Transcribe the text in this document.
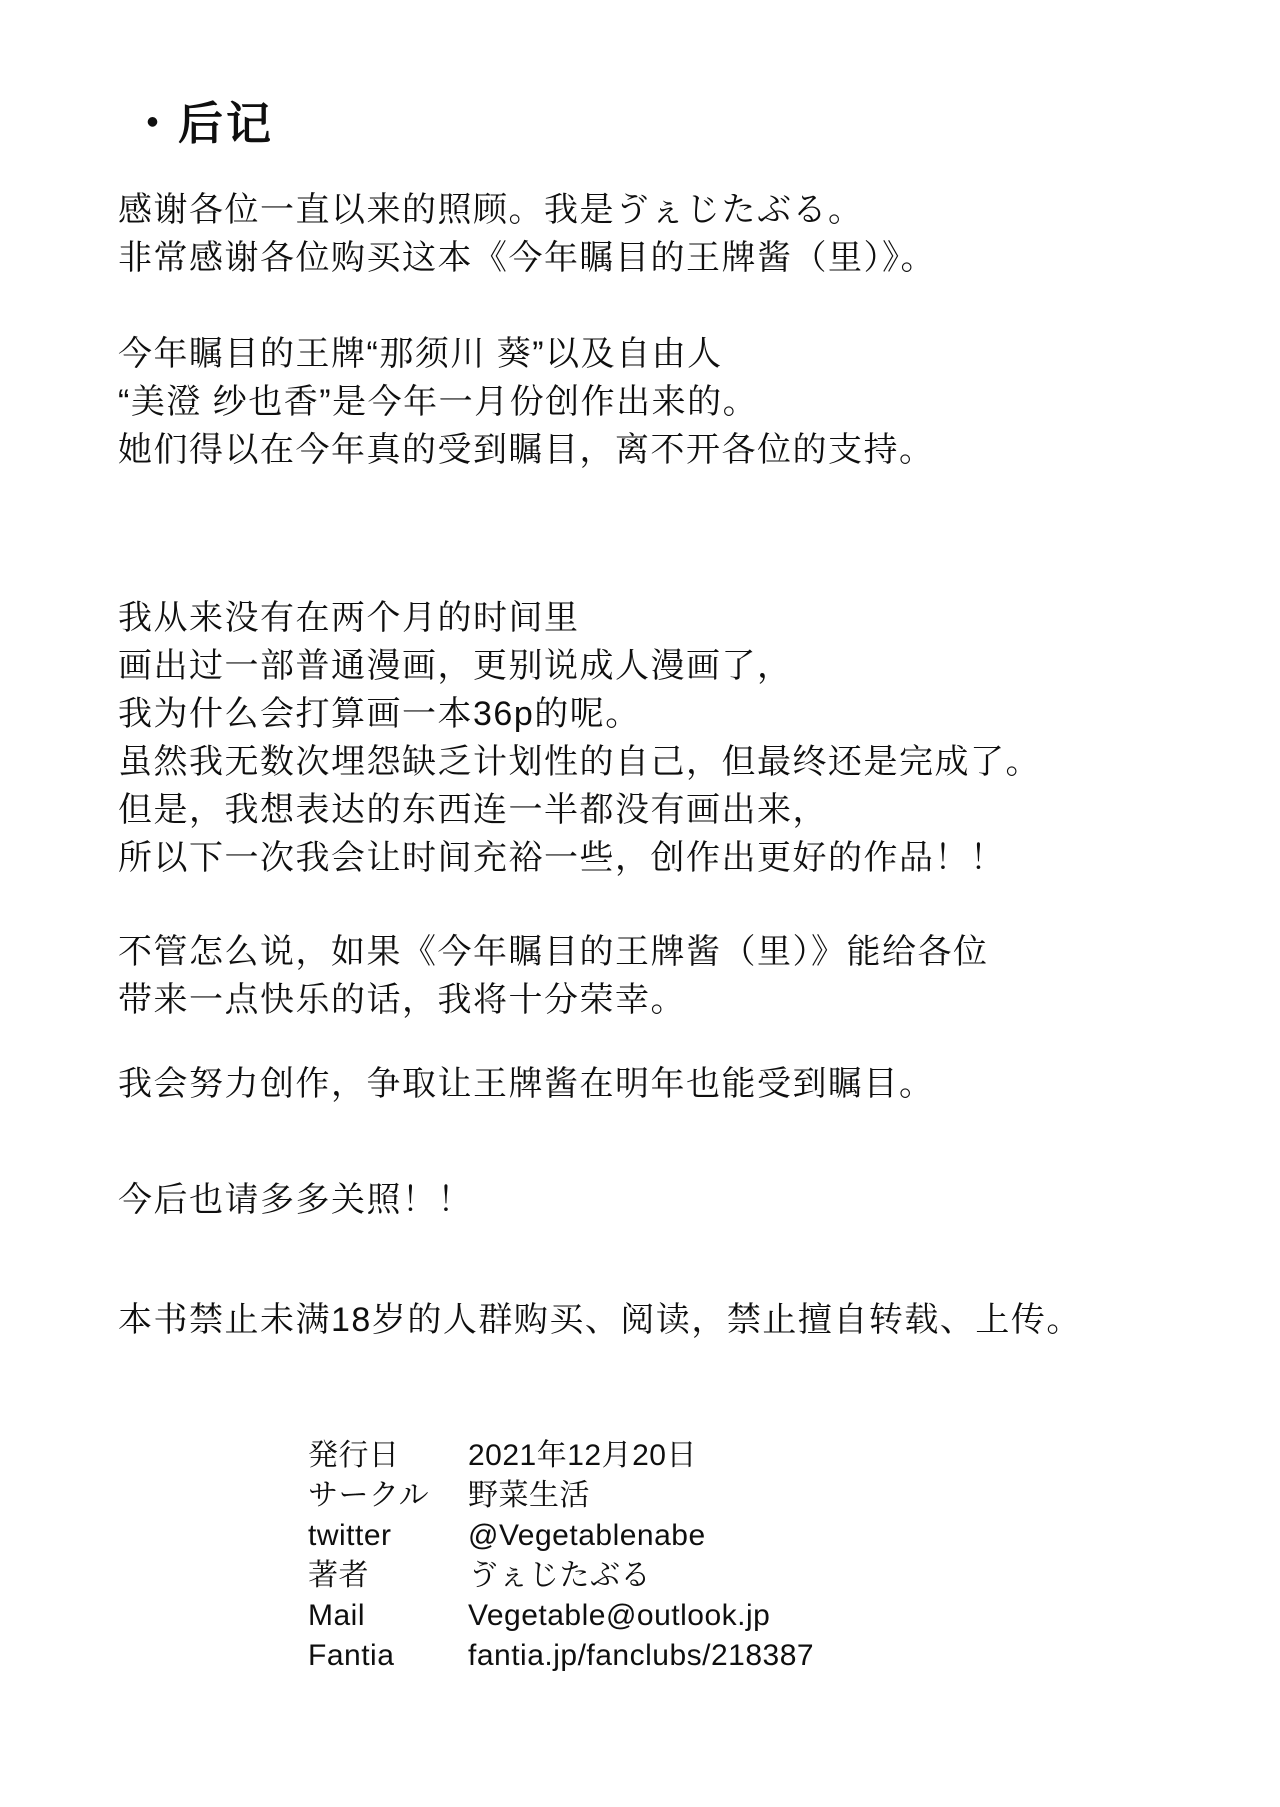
・后记
感谢各位一直以来的照顾。我是ゔぇじたぶる。
非常感谢各位购买这本《今年瞩目的王牌酱（里）》。
今年瞩目的王牌“那须川 葵”以及自由人
“美澄 纱也香”是今年一月份创作出来的。
她们得以在今年真的受到瞩目，离不开各位的支持。
我从来没有在两个月的时间里
画出过一部普通漫画，更别说成人漫画了，
我为什么会打算画一本36p的呢。
虽然我无数次埋怨缺乏计划性的自己，但最终还是完成了。
但是，我想表达的东西连一半都没有画出来，
所以下一次我会让时间充裕一些，创作出更好的作品！！
不管怎么说，如果《今年瞩目的王牌酱（里）》能给各位
带来一点快乐的话，我将十分荣幸。
我会努力创作，争取让王牌酱在明年也能受到瞩目。
今后也请多多关照！！
本书禁止未满18岁的人群购买、阅读，禁止擅自转载、上传。
発行日	2021年12月20日
サークル	野菜生活
twitter	@Vegetablenabe
著者	ゔぇじたぶる
Mail	Vegetable@outlook.jp
Fantia	fantia.jp/fanclubs/218387
